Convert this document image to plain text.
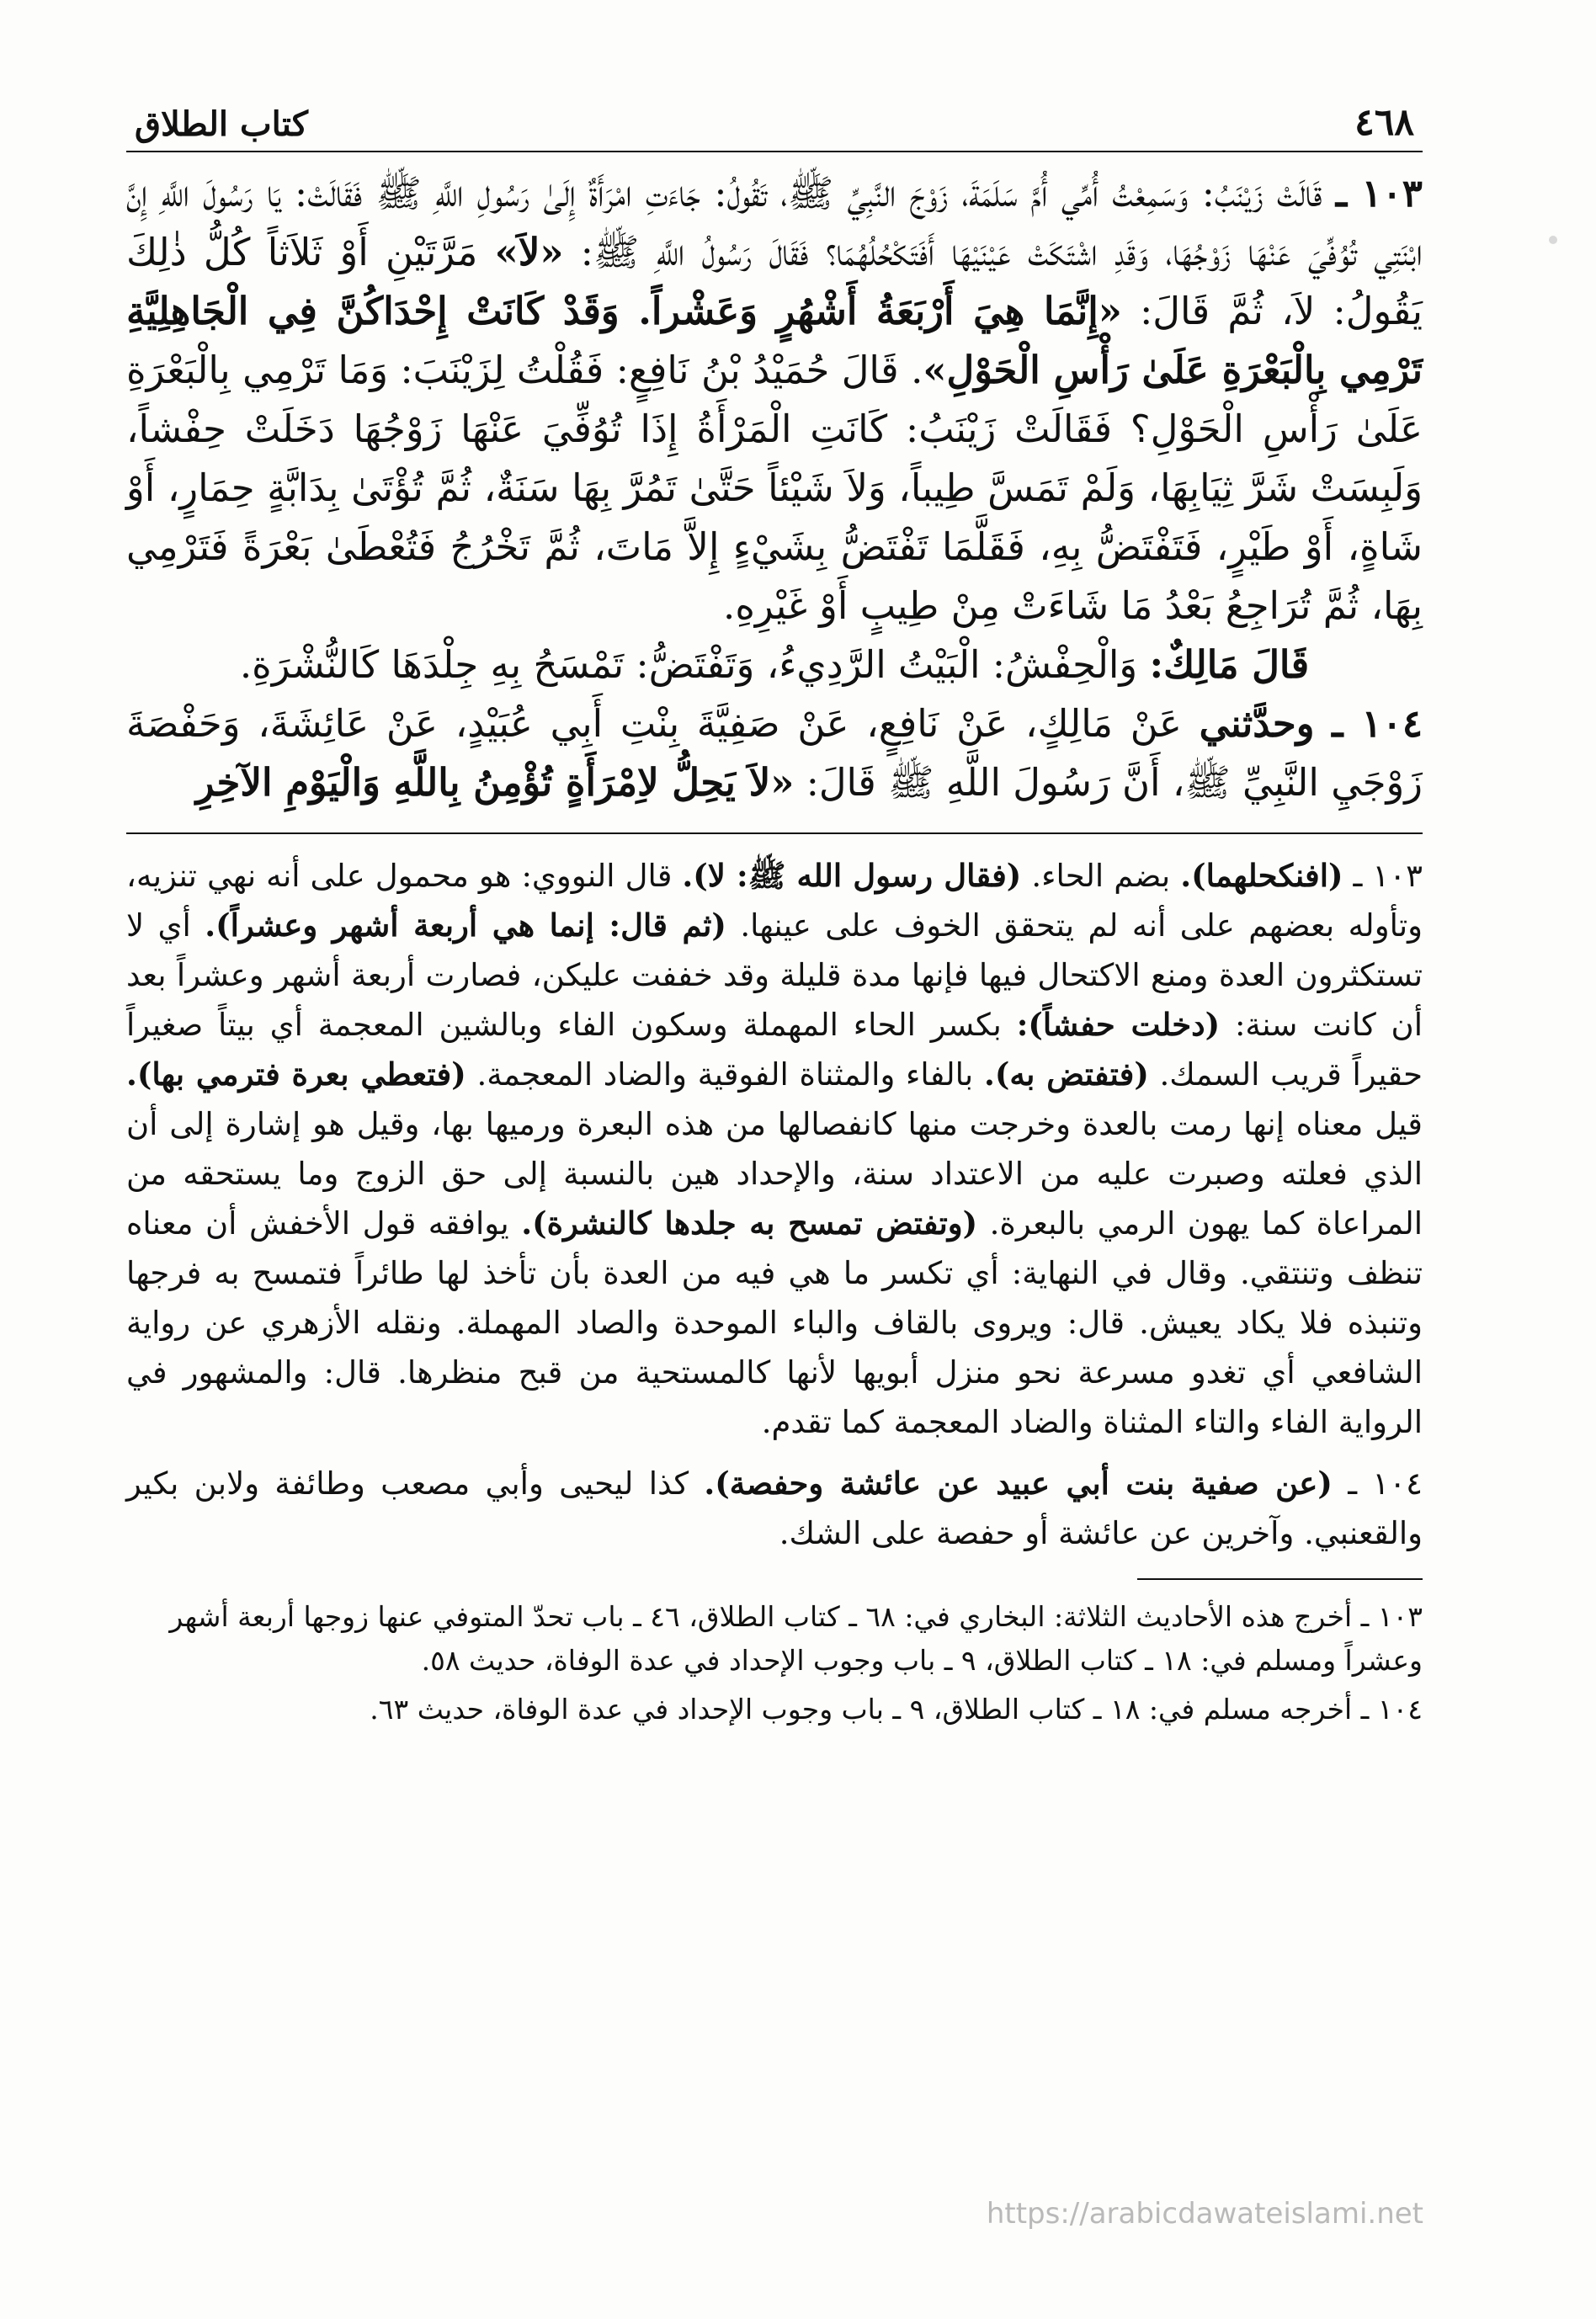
٤٦٨
كتاب الطلاق

١٠٣ ـ قَالَتْ زَيْنَبُ: وَسَمِعْتُ أُمِّي أُمَّ سَلَمَةَ، زَوْجَ النَّبِيِّ ﷺ، تَقُولُ: جَاءَتِ امْرَأَةٌ إِلَىٰ رَسُولِ اللَّهِ ﷺ فَقَالَتْ: يَا رَسُولَ اللَّهِ إِنَّ ابْنَتِي تُوُفِّيَ عَنْهَا زَوْجُهَا، وَقَدِ اشْتَكَتْ عَيْنَيْهَا أَفَتَكْحُلُهُمَا؟ فَقَالَ رَسُولُ اللَّهِ ﷺ: «لاَ» مَرَّتَيْنِ أَوْ ثَلاَثاً كُلُّ ذٰلِكَ يَقُولُ: لاَ، ثُمَّ قَالَ: «إِنَّمَا هِيَ أَرْبَعَةُ أَشْهُرٍ وَعَشْراً. وَقَدْ كَانَتْ إِحْدَاكُنَّ فِي الْجَاهِلِيَّةِ تَرْمِي بِالْبَعْرَةِ عَلَىٰ رَأْسِ الْحَوْلِ». قَالَ حُمَيْدُ بْنُ نَافِعٍ: فَقُلْتُ لِزَيْنَبَ: وَمَا تَرْمِي بِالْبَعْرَةِ عَلَىٰ رَأْسِ الْحَوْلِ؟ فَقَالَتْ زَيْنَبُ: كَانَتِ الْمَرْأَةُ إِذَا تُوُفِّيَ عَنْهَا زَوْجُهَا دَخَلَتْ حِفْشاً، وَلَبِسَتْ شَرَّ ثِيَابِهَا، وَلَمْ تَمَسَّ طِيباً، وَلاَ شَيْئاً حَتَّىٰ تَمُرَّ بِهَا سَنَةٌ، ثُمَّ تُؤْتَىٰ بِدَابَّةٍ حِمَارٍ، أَوْ شَاةٍ، أَوْ طَيْرٍ، فَتَفْتَضُّ بِهِ، فَقَلَّمَا تَفْتَضُّ بِشَيْءٍ إِلاَّ مَاتَ، ثُمَّ تَخْرُجُ فَتُعْطَىٰ بَعْرَةً فَتَرْمِي بِهَا، ثُمَّ تُرَاجِعُ بَعْدُ مَا شَاءَتْ مِنْ طِيبٍ أَوْ غَيْرِهِ.

قَالَ مَالِكٌ: وَالْحِفْشُ: الْبَيْتُ الرَّدِيءُ، وَتَفْتَضُّ: تَمْسَحُ بِهِ جِلْدَهَا كَالنُّشْرَةِ.

١٠٤ ـ وحدَّثني عَنْ مَالِكٍ، عَنْ نَافِعٍ، عَنْ صَفِيَّةَ بِنْتِ أَبِي عُبَيْدٍ، عَنْ عَائِشَةَ، وَحَفْصَةَ زَوْجَيِ النَّبِيِّ ﷺ، أَنَّ رَسُولَ اللَّهِ ﷺ قَالَ: «لاَ يَحِلُّ لاِمْرَأَةٍ تُؤْمِنُ بِاللَّهِ وَالْيَوْمِ الآخِرِ

١٠٣ ـ (افنكحلهما). بضم الحاء. (فقال رسول الله ﷺ: لا). قال النووي: هو محمول على أنه نهي تنزيه، وتأوله بعضهم على أنه لم يتحقق الخوف على عينها. (ثم قال: إنما هي أربعة أشهر وعشراً). أي لا تستكثرون العدة ومنع الاكتحال فيها فإنها مدة قليلة وقد خففت عليكن، فصارت أربعة أشهر وعشراً بعد أن كانت سنة: (دخلت حفشاً): بكسر الحاء المهملة وسكون الفاء وبالشين المعجمة أي بيتاً صغيراً حقيراً قريب السمك. (فتفتض به). بالفاء والمثناة الفوقية والضاد المعجمة. (فتعطي بعرة فترمي بها). قيل معناه إنها رمت بالعدة وخرجت منها كانفصالها من هذه البعرة ورميها بها، وقيل هو إشارة إلى أن الذي فعلته وصبرت عليه من الاعتداد سنة، والإحداد هين بالنسبة إلى حق الزوج وما يستحقه من المراعاة كما يهون الرمي بالبعرة. (وتفتض تمسح به جلدها كالنشرة). يوافقه قول الأخفش أن معناه تنظف وتنتقي. وقال في النهاية: أي تكسر ما هي فيه من العدة بأن تأخذ لها طائراً فتمسح به فرجها وتنبذه فلا يكاد يعيش. قال: ويروى بالقاف والباء الموحدة والصاد المهملة. ونقله الأزهري عن رواية الشافعي أي تغدو مسرعة نحو منزل أبويها لأنها كالمستحية من قبح منظرها. قال: والمشهور في الرواية الفاء والتاء المثناة والضاد المعجمة كما تقدم.

١٠٤ ـ (عن صفية بنت أبي عبيد عن عائشة وحفصة). كذا ليحيى وأبي مصعب وطائفة ولابن بكير والقعنبي. وآخرين عن عائشة أو حفصة على الشك.

١٠٣ ـ أخرج هذه الأحاديث الثلاثة: البخاري في: ٦٨ ـ كتاب الطلاق، ٤٦ ـ باب تحدّ المتوفي عنها زوجها أربعة أشهر وعشراً ومسلم في: ١٨ ـ كتاب الطلاق، ٩ ـ باب وجوب الإحداد في عدة الوفاة، حديث ٥٨.

١٠٤ ـ أخرجه مسلم في: ١٨ ـ كتاب الطلاق، ٩ ـ باب وجوب الإحداد في عدة الوفاة، حديث ٦٣.

https://arabicdawateislami.net
